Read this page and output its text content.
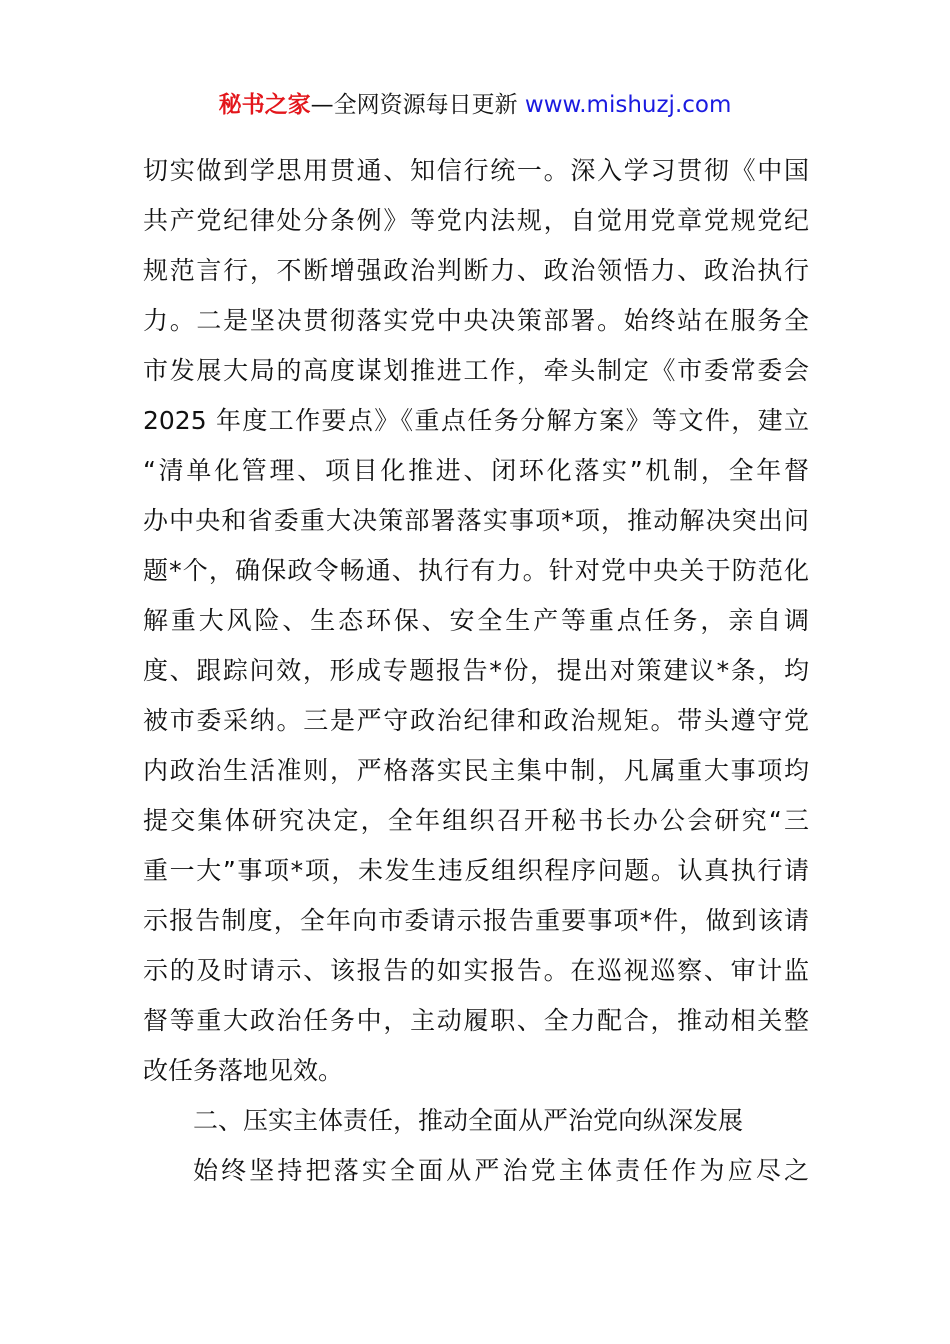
秘书之家—全网资源每日更新 www.mishuzj.com
切实做到学思用贯通、知信行统一。深入学习贯彻《中国
共产党纪律处分条例》等党内法规，自觉用党章党规党纪
规范言行，不断增强政治判断力、政治领悟力、政治执行
力。二是坚决贯彻落实党中央决策部署。始终站在服务全
市发展大局的高度谋划推进工作，牵头制定《市委常委会
2025 年度工作要点》《重点任务分解方案》等文件，建立
“清单化管理、项目化推进、闭环化落实”机制，全年督
办中央和省委重大决策部署落实事项*项，推动解决突出问
题*个，确保政令畅通、执行有力。针对党中央关于防范化
解重大风险、生态环保、安全生产等重点任务，亲自调
度、跟踪问效，形成专题报告*份，提出对策建议*条，均
被市委采纳。三是严守政治纪律和政治规矩。带头遵守党
内政治生活准则，严格落实民主集中制，凡属重大事项均
提交集体研究决定，全年组织召开秘书长办公会研究“三
重一大”事项*项，未发生违反组织程序问题。认真执行请
示报告制度，全年向市委请示报告重要事项*件，做到该请
示的及时请示、该报告的如实报告。在巡视巡察、审计监
督等重大政治任务中，主动履职、全力配合，推动相关整
改任务落地见效。
二、压实主体责任，推动全面从严治党向纵深发展
始终坚持把落实全面从严治党主体责任作为应尽之
